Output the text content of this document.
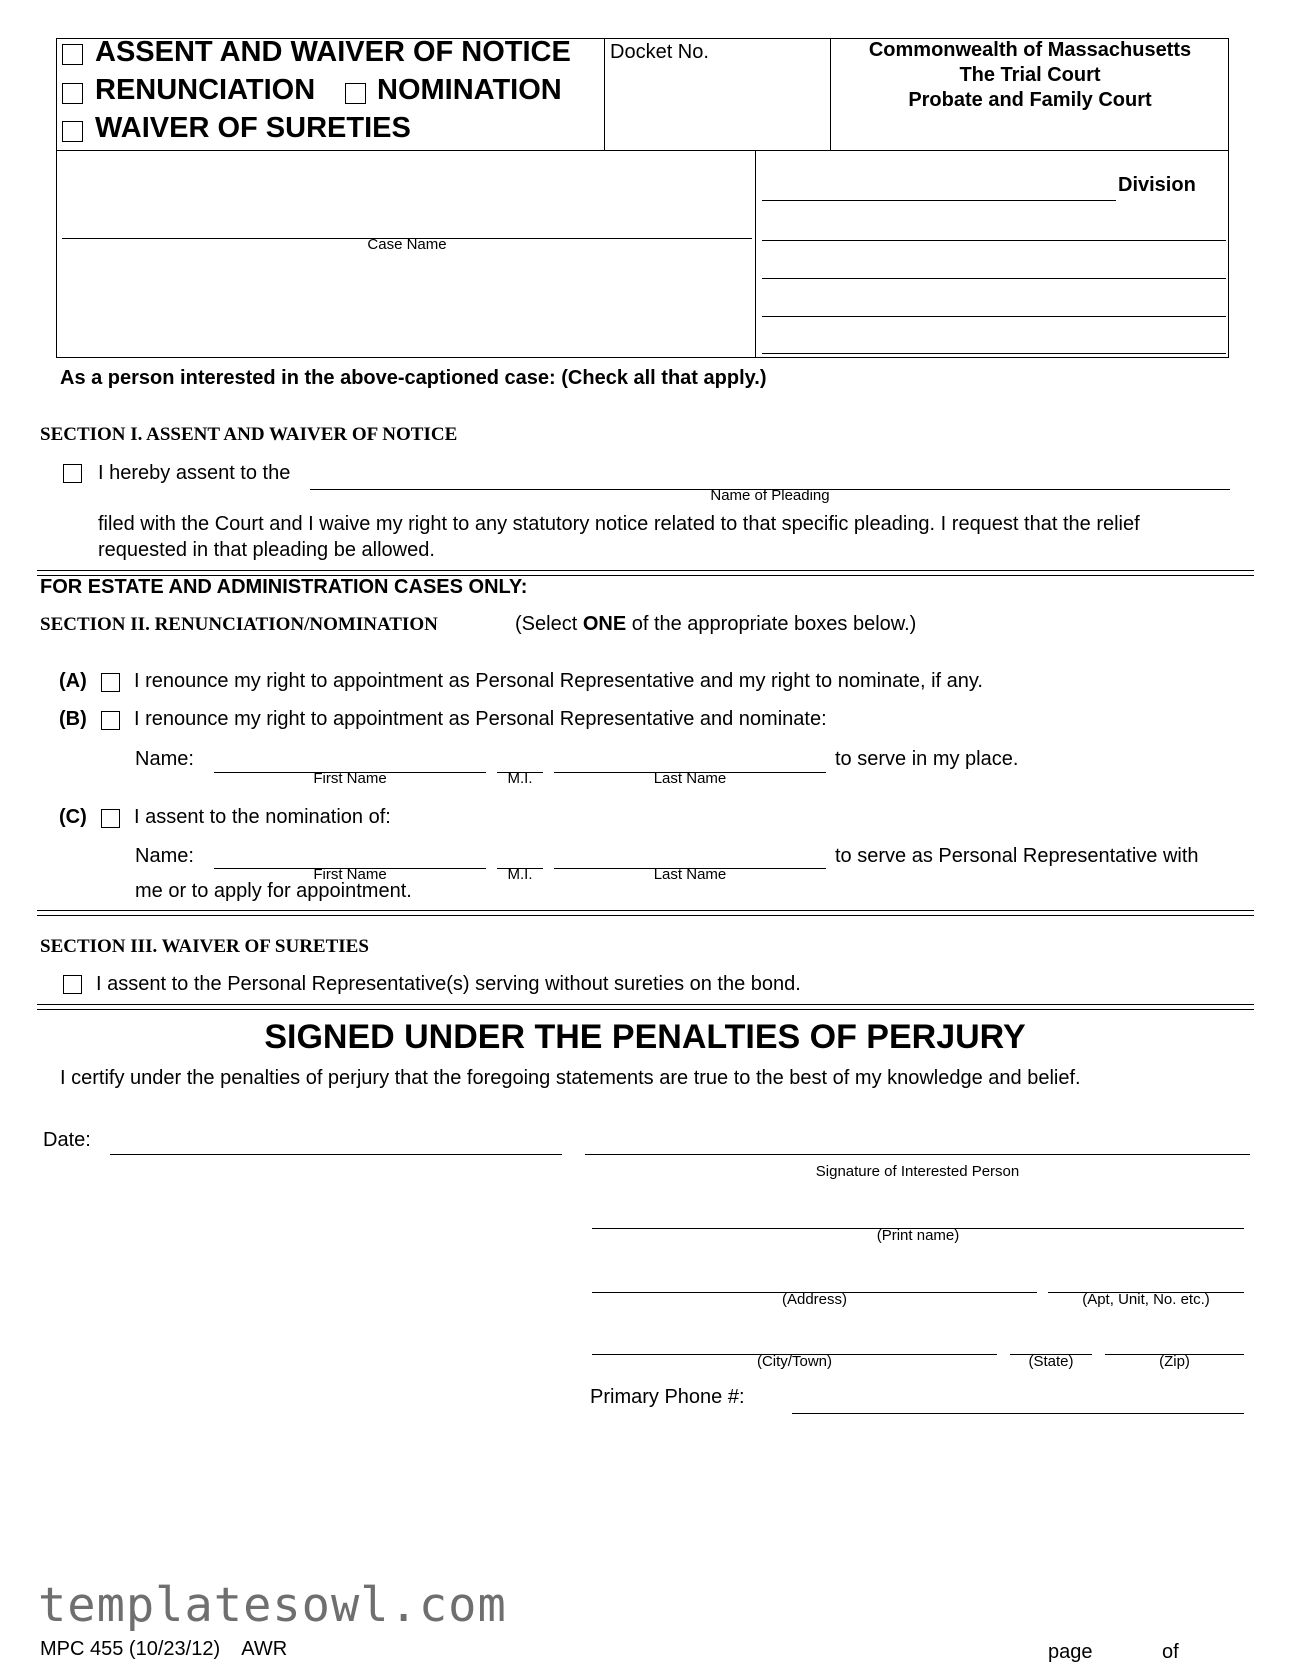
ASSENT AND WAIVER OF NOTICE
RENUNCIATION NOMINATION
WAIVER OF SURETIES
Docket No.	Commonwealth of Massachusetts
The Trial Court
Probate and Family Court
Case Name
Division
As a person interested in the above-captioned case: (Check all that apply.)
SECTION I. ASSENT AND WAIVER OF NOTICE
I hereby assent to the
Name of Pleading
filed with the Court and I waive my right to any statutory notice related to that specific pleading. I request that the relief
requested in that pleading be allowed.
FOR ESTATE AND ADMINISTRATION CASES ONLY:
SECTION II. RENUNCIATION/NOMINATION	(Select ONE of the appropriate boxes below.)
(A) I renounce my right to appointment as Personal Representative and my right to nominate, if any.
(B) I renounce my right to appointment as Personal Representative and nominate:
Name:	to serve in my place.
First Name	M.I.	Last Name
(C) I assent to the nomination of:
Name:	to serve as Personal Representative with
First Name	M.I.	Last Name
me or to apply for appointment.
SECTION III. WAIVER OF SURETIES
I assent to the Personal Representative(s) serving without sureties on the bond.
SIGNED UNDER THE PENALTIES OF PERJURY
I certify under the penalties of perjury that the foregoing statements are true to the best of my knowledge and belief.
Date:
Signature of Interested Person
(Print name)
(Address)	(Apt, Unit, No. etc.)
(City/Town)	(State)	(Zip)
Primary Phone #:
templatesowl.com
MPC 455 (10/23/12)    AWR	page	of
